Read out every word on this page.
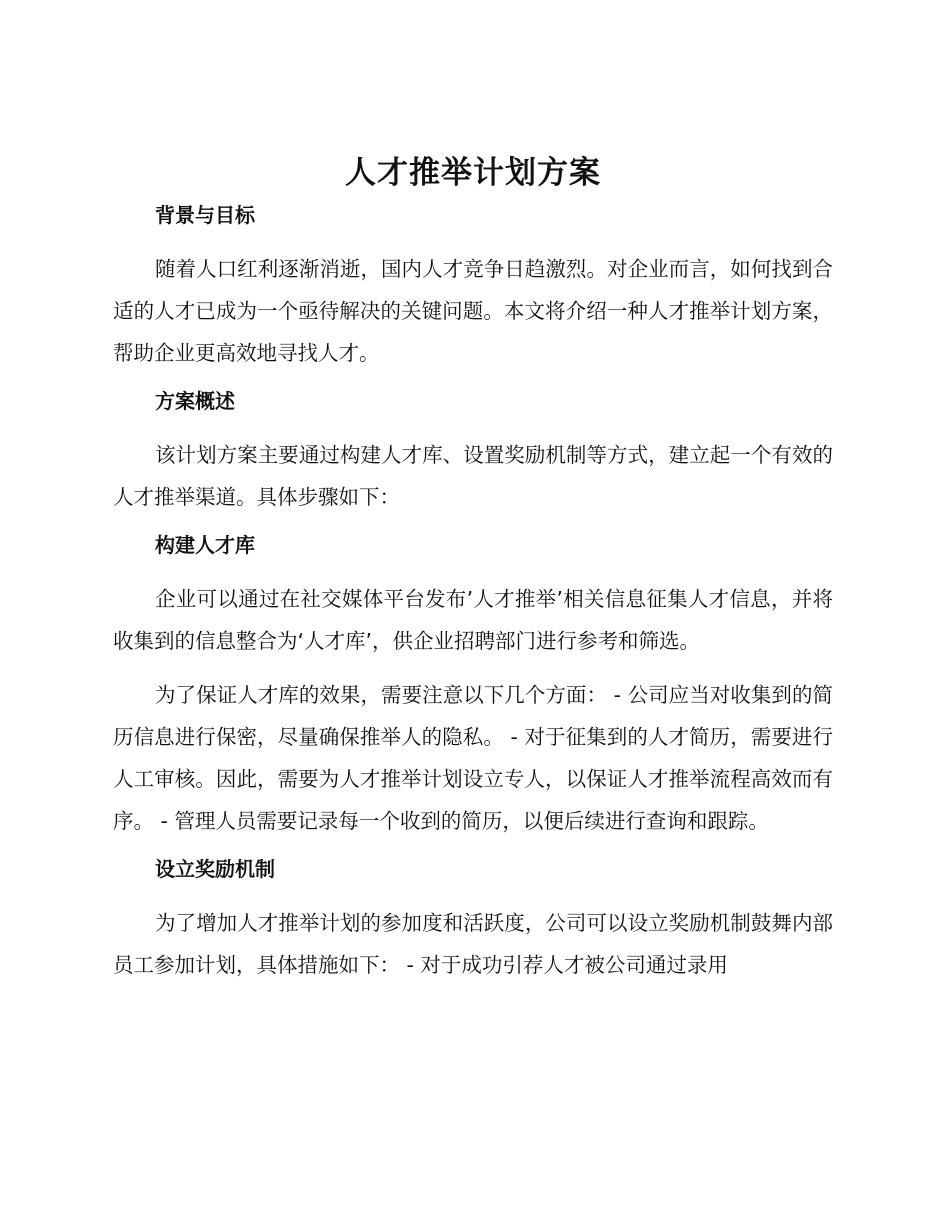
人才推举计划方案
背景与目标

随着人口红利逐渐消逝，国内人才竞争日趋激烈。对企业而言，如何找到合适的人才已成为一个亟待解决的关键问题。本文将介绍一种人才推举计划方案，帮助企业更高效地寻找人才。

方案概述

该计划方案主要通过构建人才库、设置奖励机制等方式，建立起一个有效的人才推举渠道。具体步骤如下：

构建人才库

企业可以通过在社交媒体平台发布’人才推举’相关信息征集人才信息，并将收集到的信息整合为‘人才库’，供企业招聘部门进行参考和筛选。

为了保证人才库的效果，需要注意以下几个方面： - 公司应当对收集到的简历信息进行保密，尽量确保推举人的隐私。 - 对于征集到的人才简历，需要进行人工审核。因此，需要为人才推举计划设立专人，以保证人才推举流程高效而有序。 - 管理人员需要记录每一个收到的简历，以便后续进行查询和跟踪。

设立奖励机制

为了增加人才推举计划的参加度和活跃度，公司可以设立奖励机制鼓舞内部员工参加计划，具体措施如下： - 对于成功引荐人才被公司通过录用
